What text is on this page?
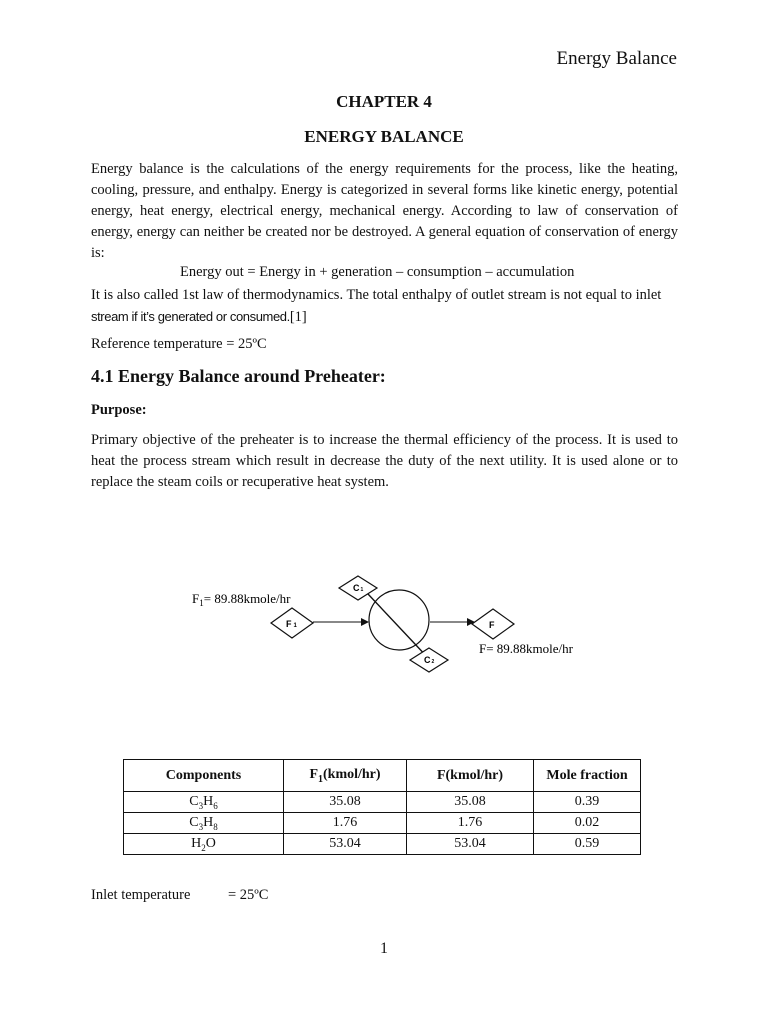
Energy Balance
CHAPTER 4
ENERGY BALANCE
Energy balance is the calculations of the energy requirements for the process, like the heating, cooling, pressure, and enthalpy. Energy is categorized in several forms like kinetic energy, potential energy, heat energy, electrical energy, mechanical energy. According to law of conservation of energy, energy can neither be created nor be destroyed. A general equation of conservation of energy is:
Energy out = Energy in + generation – consumption – accumulation
It is also called 1st law of thermodynamics. The total enthalpy of outlet stream is not equal to inlet
stream if it’s generated or consumed.[1]
Reference temperature = 25ºC
4.1 Energy Balance around Preheater:
Purpose:
Primary objective of the preheater is to increase the thermal efficiency of the process. It is used to heat the process stream which result in decrease the duty of the next utility. It is used alone or to replace the steam coils or recuperative heat system.
$F_1=$ 89.88kmole/hr
F 1
C1
C2
F
F= 89.88kmole/hr
Components	$F_1(kmol/hr)$	F(kmol/hr)	Mole fraction
$C_3H_6$	35.08	35.08	0.39
$C_3H_8$	1.76	1.76	0.02
$H_2O$	53.04	53.04	0.59
Inlet temperature	= 25ºC
1
